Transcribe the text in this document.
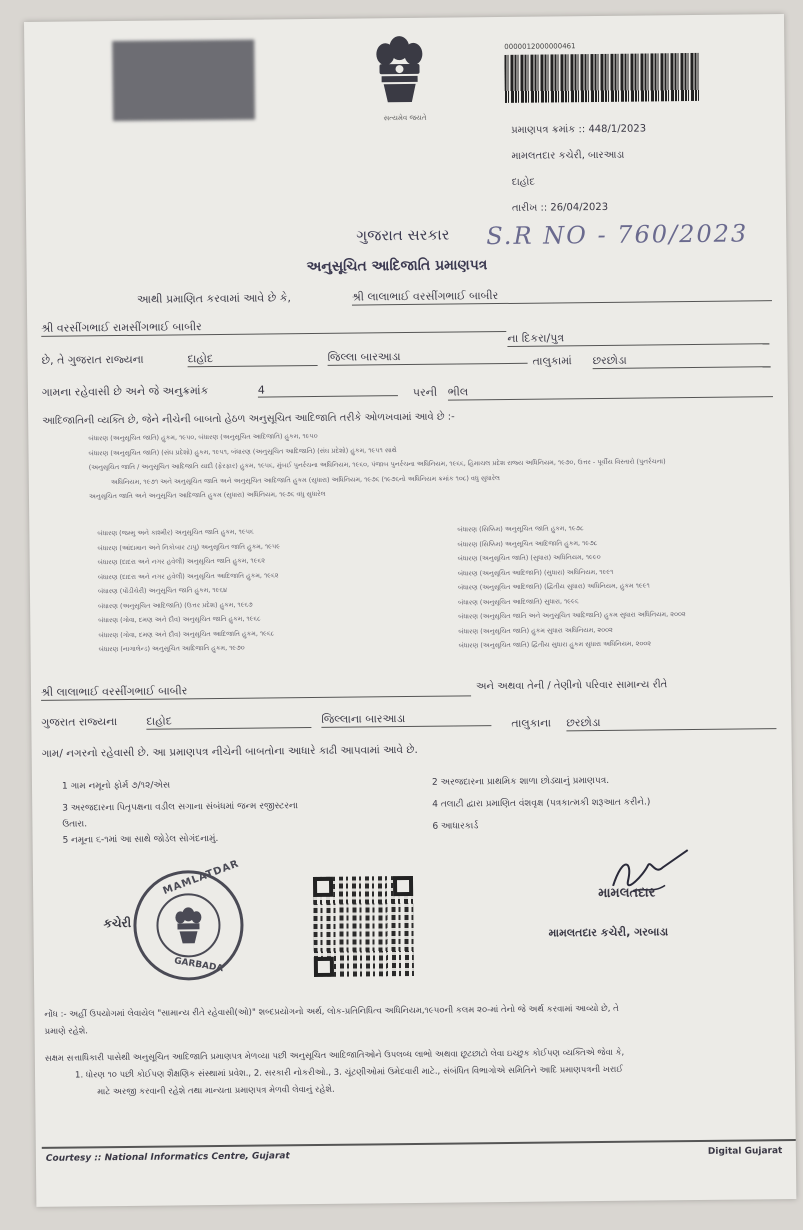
સત્યમેવ જયતે
0000012000000461
પ્રમાણપત્ર ક્રમાંક :: 448/1/2023
મામલતદાર કચેરી, બારઆડા
દાહોદ
તારીખ :: 26/04/2023
ગુજરાત સરકાર S.R NO - 760/2023
અનુસૂચિત આદિજાતિ પ્રમાણપત્ર
આથી પ્રમાણિત કરવામાં આવે છે કે,	શ્રી લાલાભાઈ વરસીંગભાઈ બાબીર
શ્રી વરસીંગભાઈ રામસીંગભાઈ બાબીર
ના દિકરા/પુત્ર
છે, તે ગુજરાત રાજ્યના	દાહોદ	જિલ્લા બારઆડા	તાલુકામાં છરછોડા
ગામના રહેવાસી છે અને જે અનુક્રમાંક	4	પરની ભીલ
આદિજાતિની વ્યક્તિ છે, જેને નીચેની બાબતો હેઠળ અનુસૂચિત આદિજાતિ તરીકે ઓળખવામાં આવે છે :-
બંધારણ (અનુસૂચિત જાતિ) હુકમ, ૧૯૫૦, બંધારણ (અનુસૂચિત આદિજાતિ) હુકમ, ૧૯૫૦
બંધારણ (અનુસૂચિત જાતિ) (સંઘ પ્રદેશો) હુકમ, ૧૯૫૧, બંધારણ (અનુસૂચિત આદિજાતિ) (સંઘ પ્રદેશો) હુકમ, ૧૯૫૧ સાથે
(અનુસૂચિત જાતિ / અનુસૂચિત આદિજાતિ યાદી (ફેરફાર) હુકમ, ૧૯૫૬, મુંબઈ પુનર્રચના અધિનિયમ, ૧૯૬૦, પંજાબ પુનર્રચના અધિનિયમ, ૧૯૬૬, હિમાચલ પ્રદેશ રાજ્ય અધિનિયમ, ૧૯૭૦, ઉત્તર - પૂર્વીય વિસ્તારો (પુનર્રચના)
અધિનિયમ, ૧૯૭૧ અને અનુસૂચિત જાતિ અને અનુસૂચિત આદિજાતિ હુકમ (સુધારા) અધિનિયમ, ૧૯૭૬ (૧૯૭૬નો અધિનિયમ ક્રમાંક ૧૦૮) વધુ સુધારેલ
અનુસૂચિત જાતિ અને અનુસૂચિત આદિજાતિ હુકમ (સુધારા) અધિનિયમ, ૧૯૭૬ વધુ સુધારેલ
બંધારણ (જમ્મુ અને કાશ્મીર) અનુસૂચિત જાતિ હુકમ, ૧૯૫૬
બંધારણ (આંદામાન અને નિકોબાર ટાપુ) અનુસૂચિત જાતિ હુકમ, ૧૯૫૯
બંધારણ (દાદરા અને નગર હવેલી) અનુસૂચિત જાતિ હુકમ, ૧૯૬૨
બંધારણ (દાદરા અને નગર હવેલી) અનુસૂચિત આદિજાતિ હુકમ, ૧૯૬૨
બંધારણ (પોંડીચેરી) અનુસૂચિત જાતિ હુકમ, ૧૯૬૪
બંધારણ (અનુસૂચિત આદિજાતિ) (ઉત્તર પ્રદેશ) હુકમ, ૧૯૬૭
બંધારણ (ગોવા, દમણ અને દીવ) અનુસૂચિત જાતિ હુકમ, ૧૯૬૮
બંધારણ (ગોવા, દમણ અને દીવ) અનુસૂચિત આદિજાતિ હુકમ, ૧૯૬૮
બંધારણ (નાગાલેન્ડ) અનુસૂચિત આદિજાતિ હુકમ, ૧૯૭૦
બંધારણ (સિક્કિમ) અનુસૂચિત જાતિ હુકમ, ૧૯૭૮
બંધારણ (સિક્કિમ) અનુસૂચિત આદિજાતિ હુકમ, ૧૯૭૮
બંધારણ (અનુસૂચિત જાતિ) (સુધારા) અધિનિયમ, ૧૯૯૦
બંધારણ (અનુસૂચિત આદિજાતિ) (સુધારા) અધિનિયમ, ૧૯૯૧
બંધારણ (અનુસૂચિત આદિજાતિ) (દ્વિતીય સુધારા) અધિનિયમ, હુકમ ૧૯૯૧
બંધારણ (અનુસૂચિત આદિજાતિ) સુધારા, ૧૯૯૬
બંધારણ (અનુસૂચિત જાતિ અને અનુસૂચિત આદિજાતિ) હુકમ સુધારા અધિનિયમ, ૨૦૦૨
બંધારણ (અનુસૂચિત જાતિ) હુકમ સુધારા અધિનિયમ, ૨૦૦૨
બંધારણ (અનુસૂચિત જાતિ) દ્વિતીય સુધારા હુકમ સુધારા અધિનિયમ, ૨૦૦૨
શ્રી લાલાભાઈ વરસીંગભાઈ બાબીર	અને અથવા તેની / તેણીનો પરિવાર સામાન્ય રીતે
ગુજરાત રાજ્યના	દાહોદ	જિલ્લાના બારઆડા	તાલુકાના છરછોડા
ગામ/ નગરનો રહેવાસી છે. આ પ્રમાણપત્ર નીચેની બાબતોના આધારે કાઢી આપવામાં આવે છે.
1 ગામ નમૂનો ફોર્મ ૭/૧૨/એસ
3 અરજદારના પિતૃપક્ષના વડીલ સગાના સંબંધમાં જન્મ રજીસ્ટરના
ઉતારા.
5 નમૂના ૬-૧માં આ સાથે જોડેલ સોગંદનામું.
2 અરજદારના પ્રાથમિક શાળા છોડ્યાનું પ્રમાણપત્ર.
4 તલાટી દ્વારા પ્રમાણિત વંશવૃક્ષ (પત્રકાત્મકી શરૂઆત કરીને.)
6 આધારકાર્ડ
MAMLATDAR
કચેરી
GARBADA
મામલતદાર
મામલતદાર કચેરી, ગરબાડા
નોંધ :- અહીં ઉપયોગમાં લેવાયેલ "સામાન્ય રીતે રહેવાસી(ઓ)" શબ્દપ્રયોગનો અર્થ, લોક-પ્રતિનિધિત્વ અધિનિયમ,૧૯૫૦ની કલમ ૨૦-માં તેનો જે અર્થ કરવામાં આવ્યો છે, તે
પ્રમાણે રહેશે.
સક્ષમ સત્તાધિકારી પાસેથી અનુસૂચિત આદિજાતિ પ્રમાણપત્ર મેળવ્યા પછી અનુસૂચિત આદિજાતિઓને ઉપલબ્ધ લાભો અથવા છૂટછાટો લેવા ઇચ્છુક કોઈપણ વ્યક્તિએ જેવા કે,
1. ધોરણ ૧૦ પછી કોઈપણ શૈક્ષણિક સંસ્થામાં પ્રવેશ., 2. સરકારી નોકરીઓ., 3. ચૂંટણીઓમાં ઉમેદવારી માટે., સંબંધિત વિભાગોએ સમિતિને આદિ પ્રમાણપત્રની ખરાઈ
માટે અરજી કરવાની રહેશે તથા માન્યતા પ્રમાણપત્ર મેળવી લેવાનું રહેશે.
Courtesy :: National Informatics Centre, Gujarat	Digital Gujarat
